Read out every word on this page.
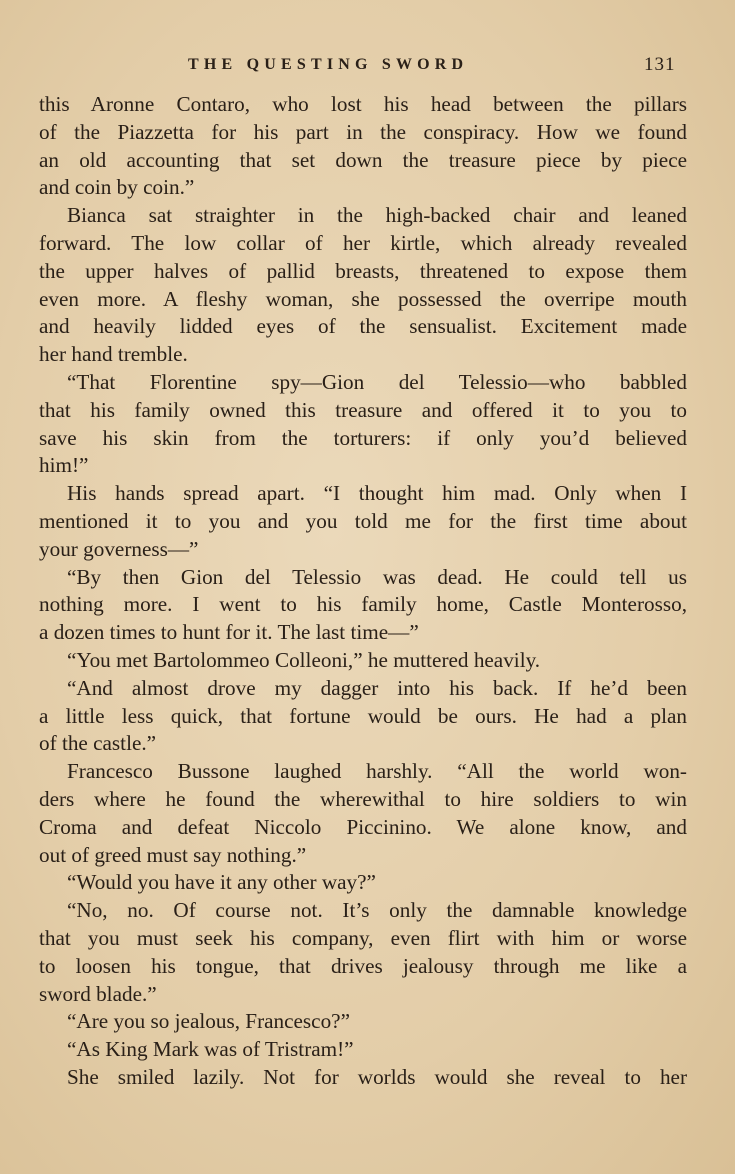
THE QUESTING SWORD	131
this Aronne Contaro, who lost his head between the pillars
of the Piazzetta for his part in the conspiracy. How we found
an old accounting that set down the treasure piece by piece
and coin by coin.”
Bianca sat straighter in the high-backed chair and leaned
forward. The low collar of her kirtle, which already revealed
the upper halves of pallid breasts, threatened to expose them
even more. A fleshy woman, she possessed the overripe mouth
and heavily lidded eyes of the sensualist. Excitement made
her hand tremble.
“That Florentine spy—Gion del Telessio—who babbled
that his family owned this treasure and offered it to you to
save his skin from the torturers: if only you’d believed
him!”
His hands spread apart. “I thought him mad. Only when I
mentioned it to you and you told me for the first time about
your governess—”
“By then Gion del Telessio was dead. He could tell us
nothing more. I went to his family home, Castle Monterosso,
a dozen times to hunt for it. The last time—”
“You met Bartolommeo Colleoni,” he muttered heavily.
“And almost drove my dagger into his back. If he’d been
a little less quick, that fortune would be ours. He had a plan
of the castle.”
Francesco Bussone laughed harshly. “All the world won-
ders where he found the wherewithal to hire soldiers to win
Croma and defeat Niccolo Piccinino. We alone know, and
out of greed must say nothing.”
“Would you have it any other way?”
“No, no. Of course not. It’s only the damnable knowledge
that you must seek his company, even flirt with him or worse
to loosen his tongue, that drives jealousy through me like a
sword blade.”
“Are you so jealous, Francesco?”
“As King Mark was of Tristram!”
She smiled lazily. Not for worlds would she reveal to her
